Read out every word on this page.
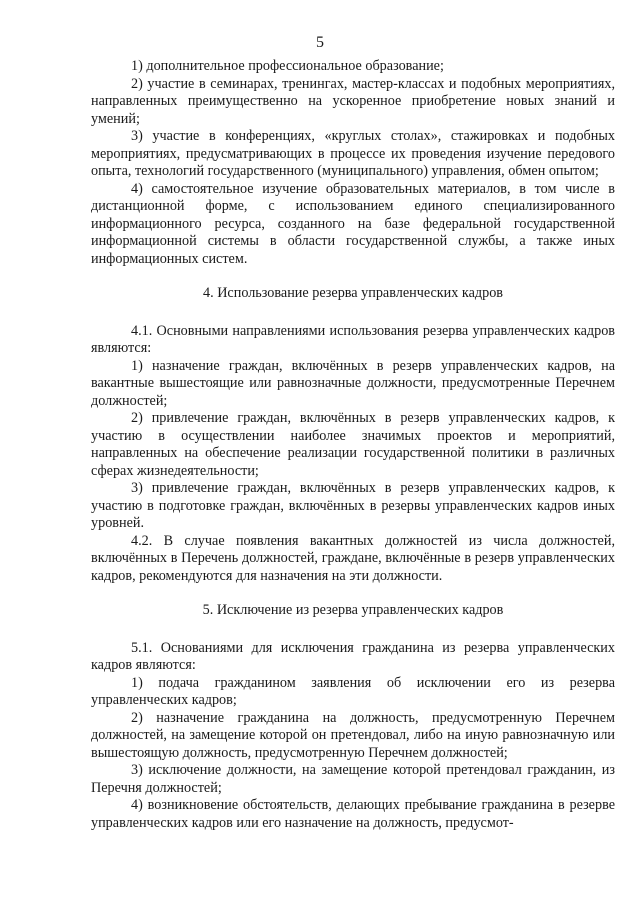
5

1) дополнительное профессиональное образование;

2) участие в семинарах, тренингах, мастер-классах и подобных мероприятиях, направленных преимущественно на ускоренное приобретение новых знаний и умений;

3) участие в конференциях, «круглых столах», стажировках и подобных мероприятиях, предусматривающих в процессе их проведения изучение передового опыта, технологий государственного (муниципального) управления, обмен опытом;

4) самостоятельное изучение образовательных материалов, в том числе в дистанционной форме, с использованием единого специализированного информационного ресурса, созданного на базе федеральной государственной информационной системы в области государственной службы, а также иных информационных систем.

4. Использование резерва управленческих кадров

4.1. Основными направлениями использования резерва управленческих кадров являются:

1) назначение граждан, включённых в резерв управленческих кадров, на вакантные вышестоящие или равнозначные должности, предусмотренные Перечнем должностей;

2) привлечение граждан, включённых в резерв управленческих кадров, к участию в осуществлении наиболее значимых проектов и мероприятий, направленных на обеспечение реализации государственной политики в различных сферах жизнедеятельности;

3) привлечение граждан, включённых в резерв управленческих кадров, к участию в подготовке граждан, включённых в резервы управленческих кадров иных уровней.

4.2. В случае появления вакантных должностей из числа должностей, включённых в Перечень должностей, граждане, включённые в резерв управленческих кадров, рекомендуются для назначения на эти должности.

5. Исключение из резерва управленческих кадров

5.1. Основаниями для исключения гражданина из резерва управленческих кадров являются:

1) подача гражданином заявления об исключении его из резерва управленческих кадров;

2) назначение гражданина на должность, предусмотренную Перечнем должностей, на замещение которой он претендовал, либо на иную равнозначную или вышестоящую должность, предусмотренную Перечнем должностей;

3) исключение должности, на замещение которой претендовал гражданин, из Перечня должностей;

4) возникновение обстоятельств, делающих пребывание гражданина в резерве управленческих кадров или его назначение на должность, предусмот-
